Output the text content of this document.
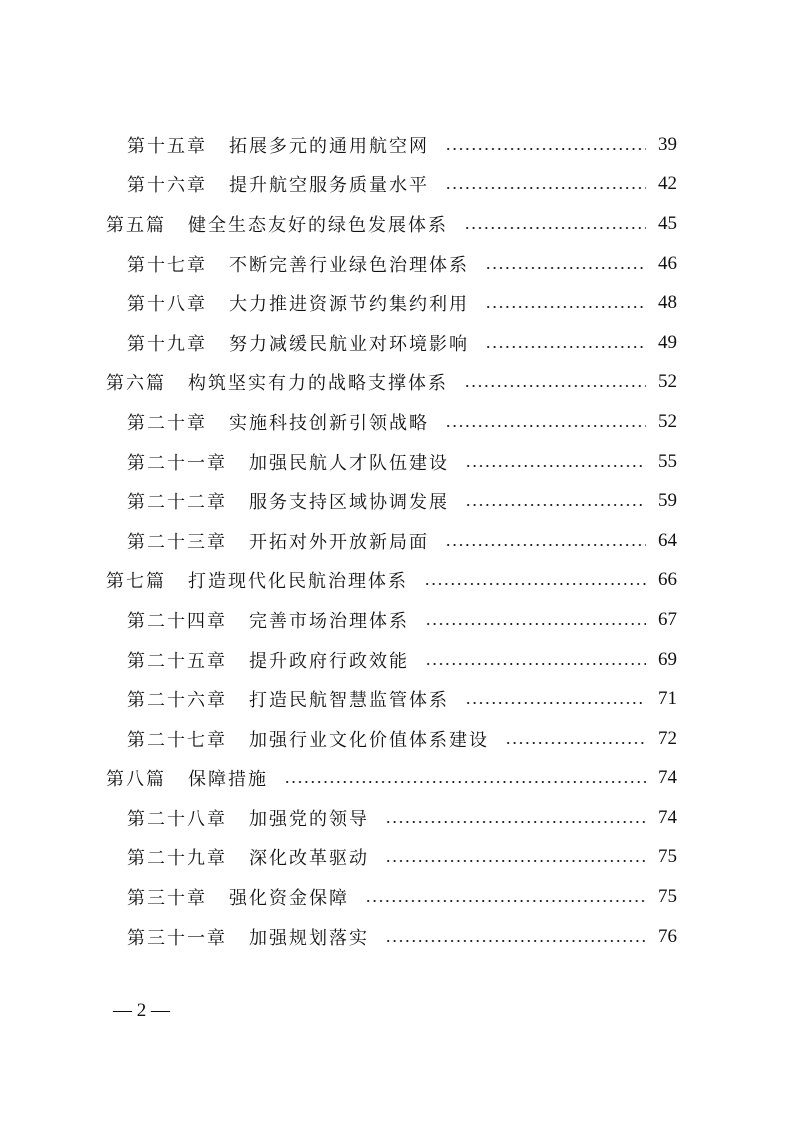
第十五章 拓展多元的通用航空网	39
第十六章 提升航空服务质量水平	42
第五篇 健全生态友好的绿色发展体系	45
第十七章 不断完善行业绿色治理体系	46
第十八章 大力推进资源节约集约利用	48
第十九章 努力减缓民航业对环境影响	49
第六篇 构筑坚实有力的战略支撑体系	52
第二十章 实施科技创新引领战略	52
第二十一章 加强民航人才队伍建设	55
第二十二章 服务支持区域协调发展	59
第二十三章 开拓对外开放新局面	64
第七篇 打造现代化民航治理体系	66
第二十四章 完善市场治理体系	67
第二十五章 提升政府行政效能	69
第二十六章 打造民航智慧监管体系	71
第二十七章 加强行业文化价值体系建设	72
第八篇 保障措施	74
第二十八章 加强党的领导	74
第二十九章 深化改革驱动	75
第三十章 强化资金保障	75
第三十一章 加强规划落实	76
— 2 —
